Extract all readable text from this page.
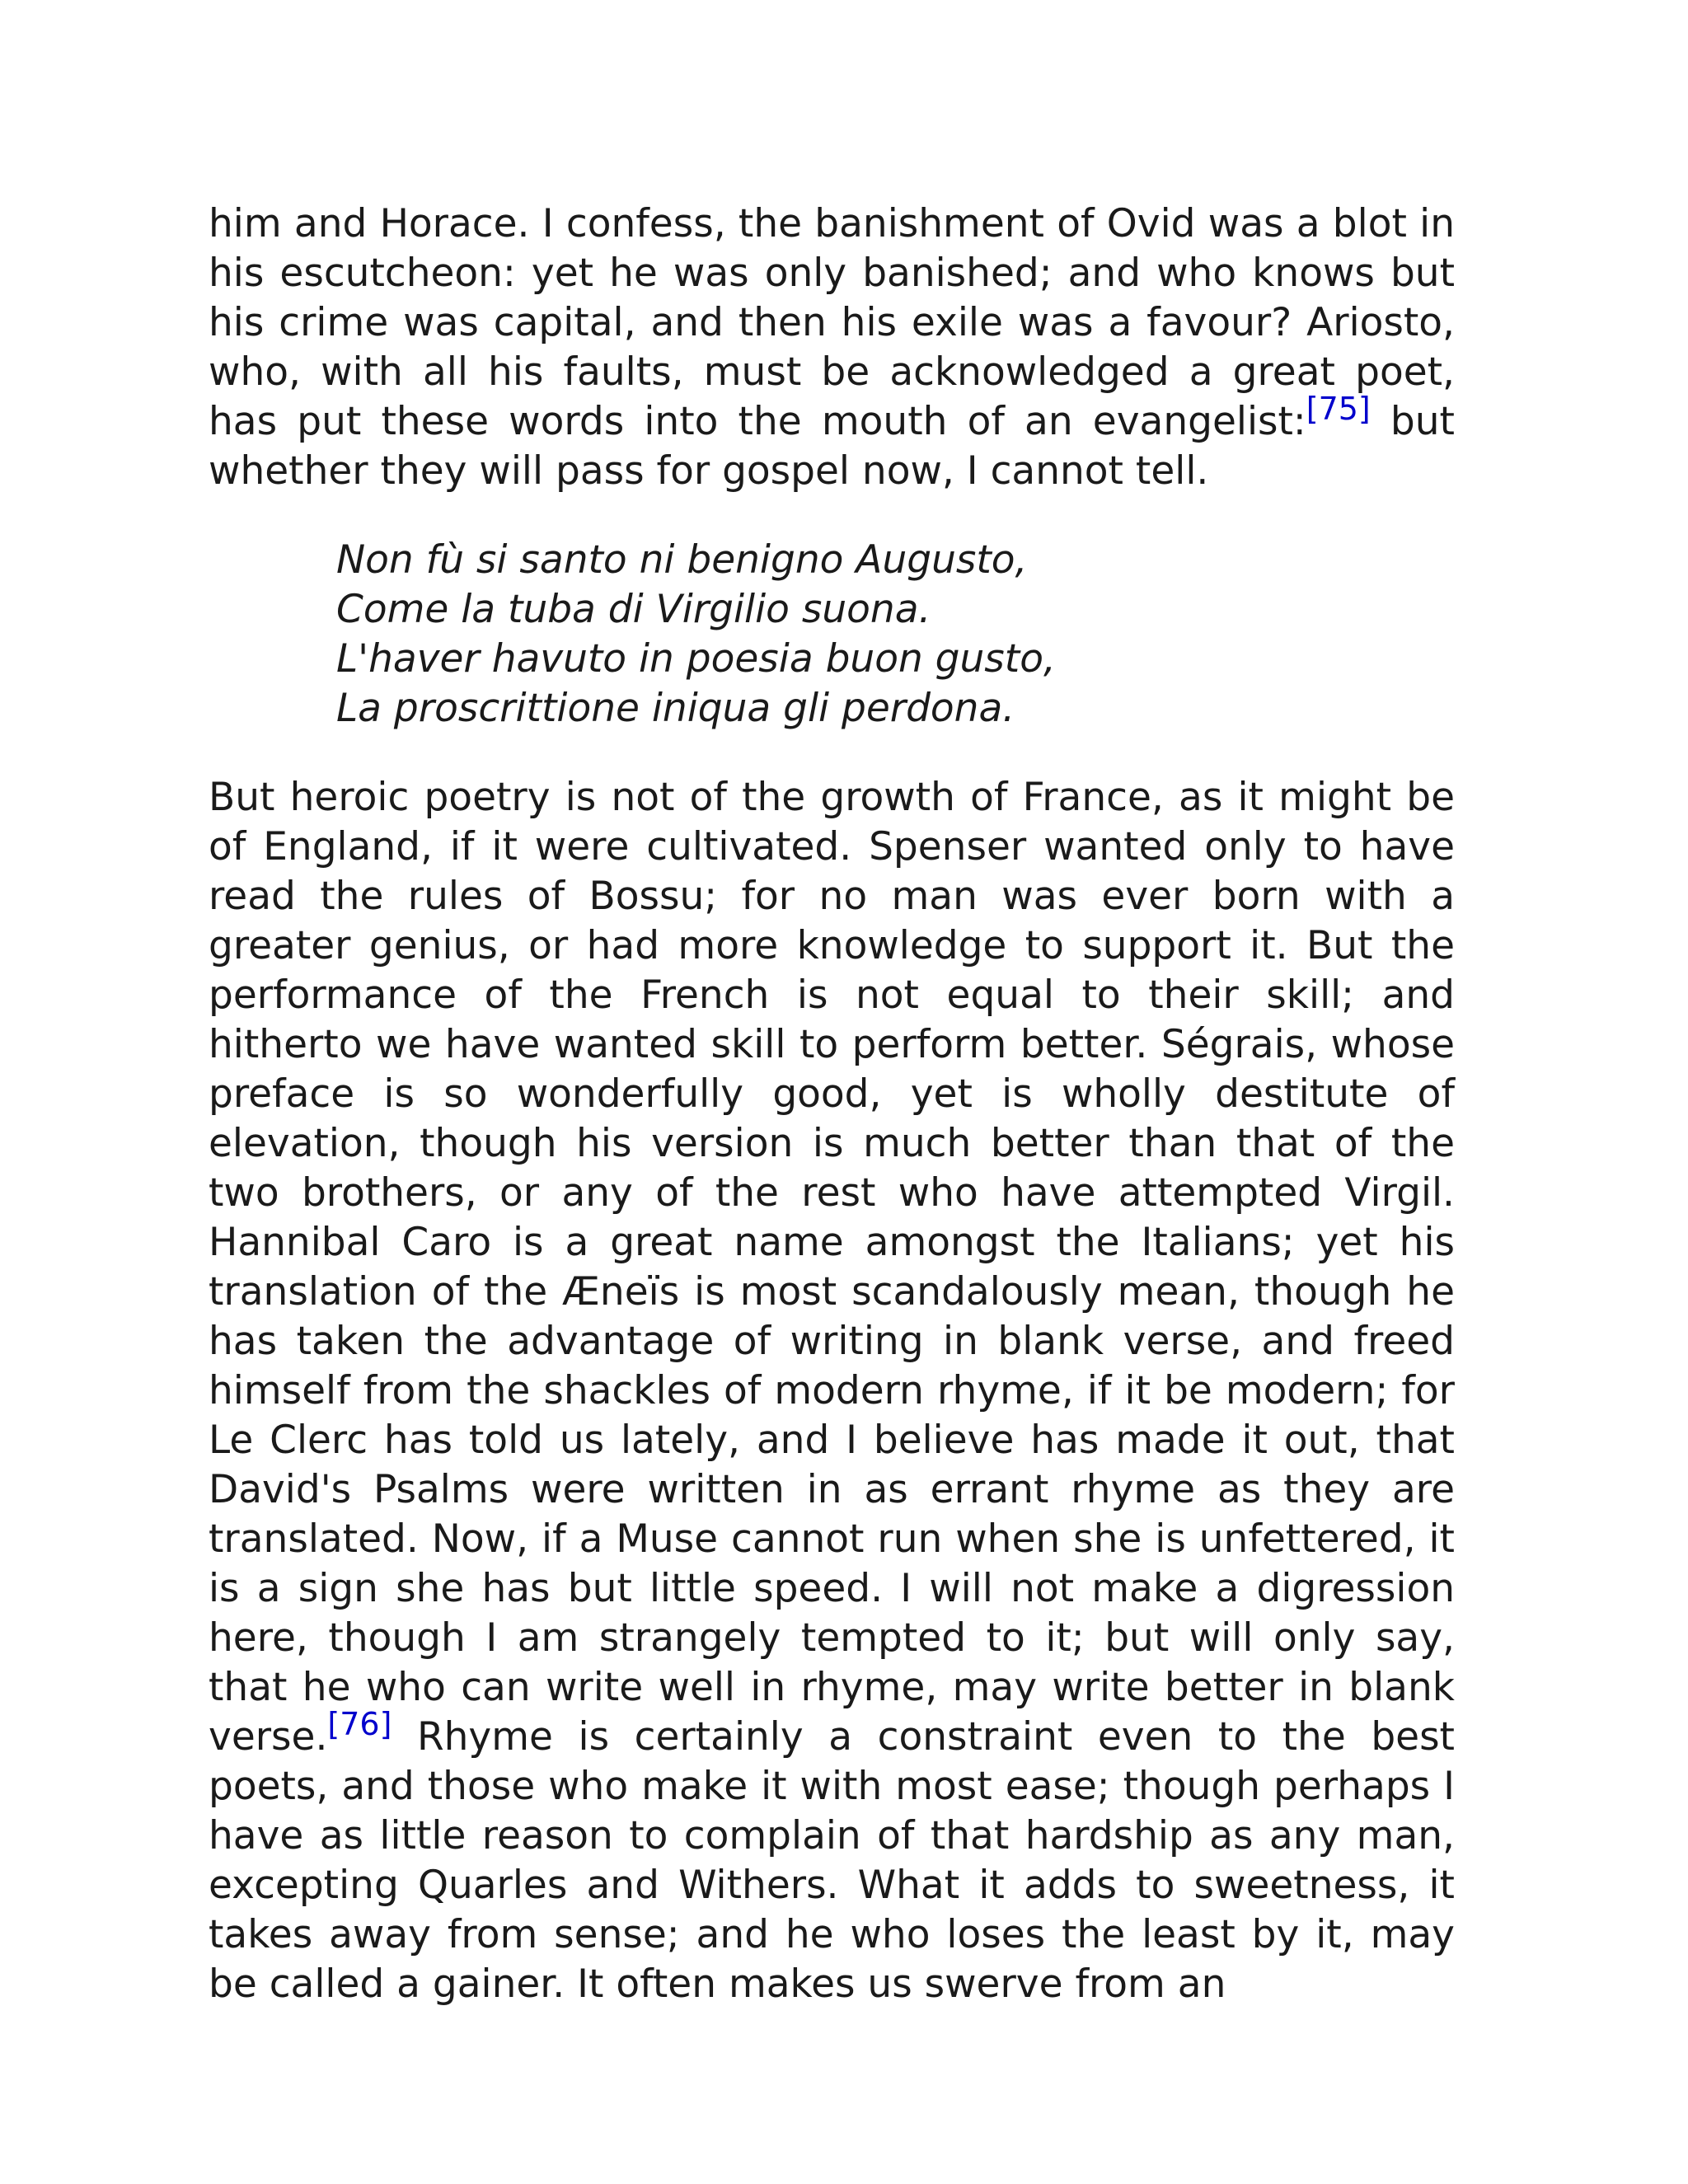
him and Horace. I confess, the banishment of Ovid was a blot in his escutcheon: yet he was only banished; and who knows but his crime was capital, and then his exile was a favour? Ariosto, who, with all his faults, must be acknowledged a great poet, has put these words into the mouth of an evangelist:[75] but whether they will pass for gospel now, I cannot tell.
Non fù si santo ni benigno Augusto,
Come la tuba di Virgilio suona.
L'haver havuto in poesia buon gusto,
La proscrittione iniqua gli perdona.
But heroic poetry is not of the growth of France, as it might be of England, if it were cultivated. Spenser wanted only to have read the rules of Bossu; for no man was ever born with a greater genius, or had more knowledge to support it. But the performance of the French is not equal to their skill; and hitherto we have wanted skill to perform better. Ségrais, whose preface is so wonderfully good, yet is wholly destitute of elevation, though his version is much better than that of the two brothers, or any of the rest who have attempted Virgil. Hannibal Caro is a great name amongst the Italians; yet his translation of the Æneïs is most scandalously mean, though he has taken the advantage of writing in blank verse, and freed himself from the shackles of modern rhyme, if it be modern; for Le Clerc has told us lately, and I believe has made it out, that David's Psalms were written in as errant rhyme as they are translated. Now, if a Muse cannot run when she is unfettered, it is a sign she has but little speed. I will not make a digression here, though I am strangely tempted to it; but will only say, that he who can write well in rhyme, may write better in blank verse.[76] Rhyme is certainly a constraint even to the best poets, and those who make it with most ease; though perhaps I have as little reason to complain of that hardship as any man, excepting Quarles and Withers. What it adds to sweetness, it takes away from sense; and he who loses the least by it, may be called a gainer. It often makes us swerve from an
